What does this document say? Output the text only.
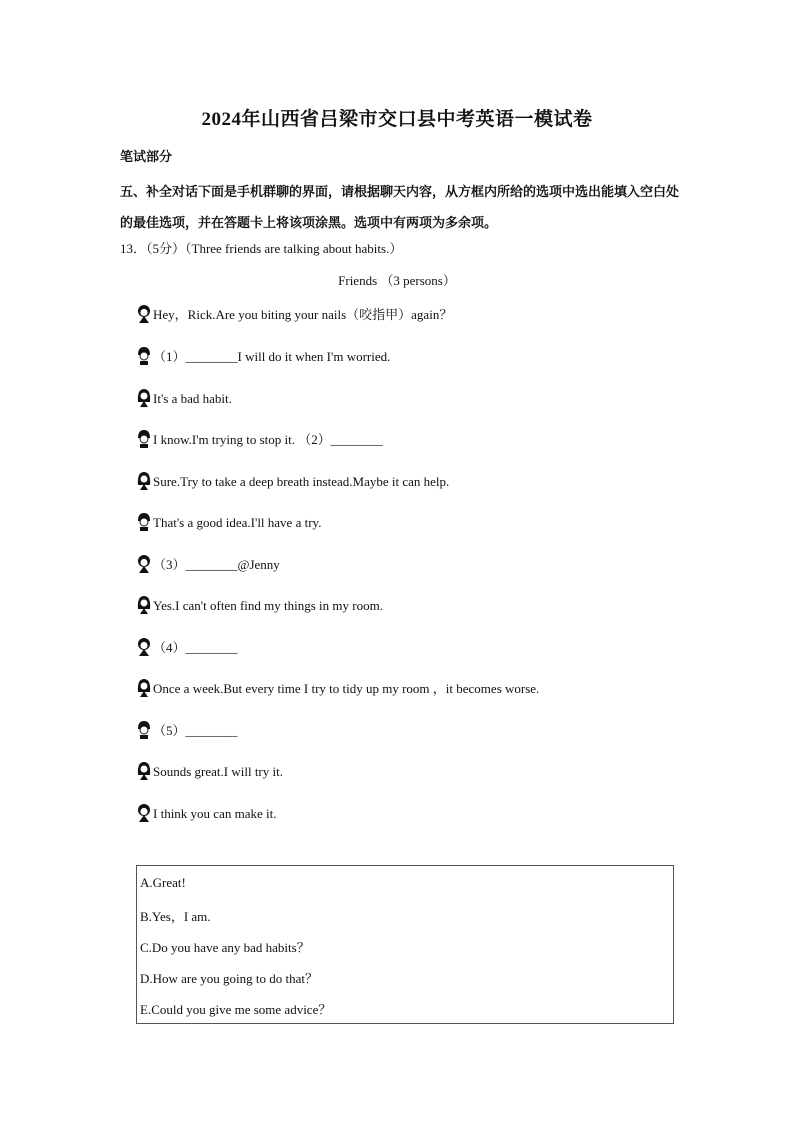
2024年山西省吕梁市交口县中考英语一模试卷
笔试部分
五、补全对话下面是手机群聊的界面，请根据聊天内容，从方框内所给的选项中选出能填入空白处的最佳选项，并在答题卡上将该项涂黑。选项中有两项为多余项。
13．（5分）（Three friends are talking about habits.）
Friends （3 persons）
Hey，Rick.Are you biting your nails（咬指甲）again？
（1）________I will do it when I'm worried.
It's a bad habit.
I know.I'm trying to stop it. （2）________
Sure.Try to take a deep breath instead.Maybe it can help.
That's a good idea.I'll have a try.
（3）________@Jenny
Yes.I can't often find my things in my room.
（4）________
Once a week.But every time I try to tidy up my room ，it becomes worse.
（5）________
Sounds great.I will try it.
I think you can make it.
A.Great!
B.Yes，I am.
C.Do you have any bad habits？
D.How are you going to do that？
E.Could you give me some advice？
